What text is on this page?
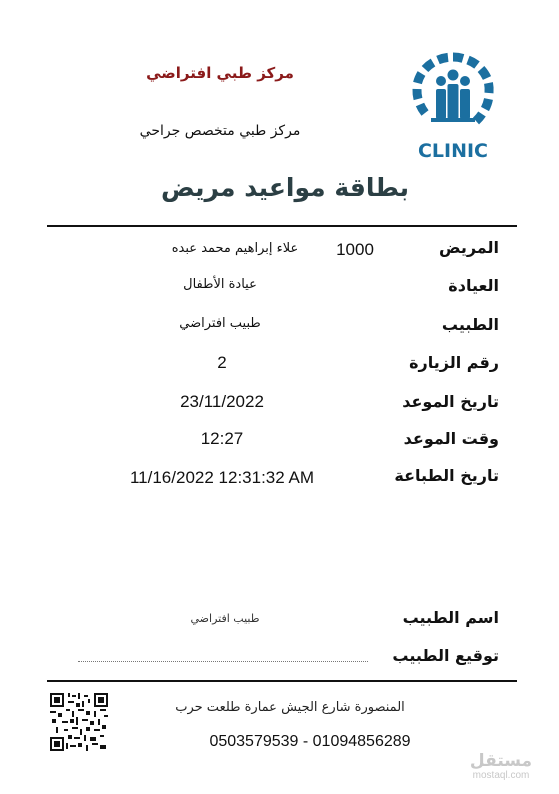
CLINIC
مركز طبي افتراضي
مركز طبي متخصص جراحي
بطاقة مواعيد مريض
المريض
1000
علاء إبراهيم محمد عبده
العيادة
عيادة الأطفال
الطبيب
طبيب افتراضي
رقم الزيارة
2
تاريخ الموعد
23/11/2022
وقت الموعد
12:27
تاريخ الطباعة
11/16/2022 12:31:32 AM
اسم الطبيب
طبيب افتراضي
توقيع الطبيب
المنصورة شارع الجيش عمارة طلعت حرب
0503579539 - 01094856289
مستقل
mostaql.com
